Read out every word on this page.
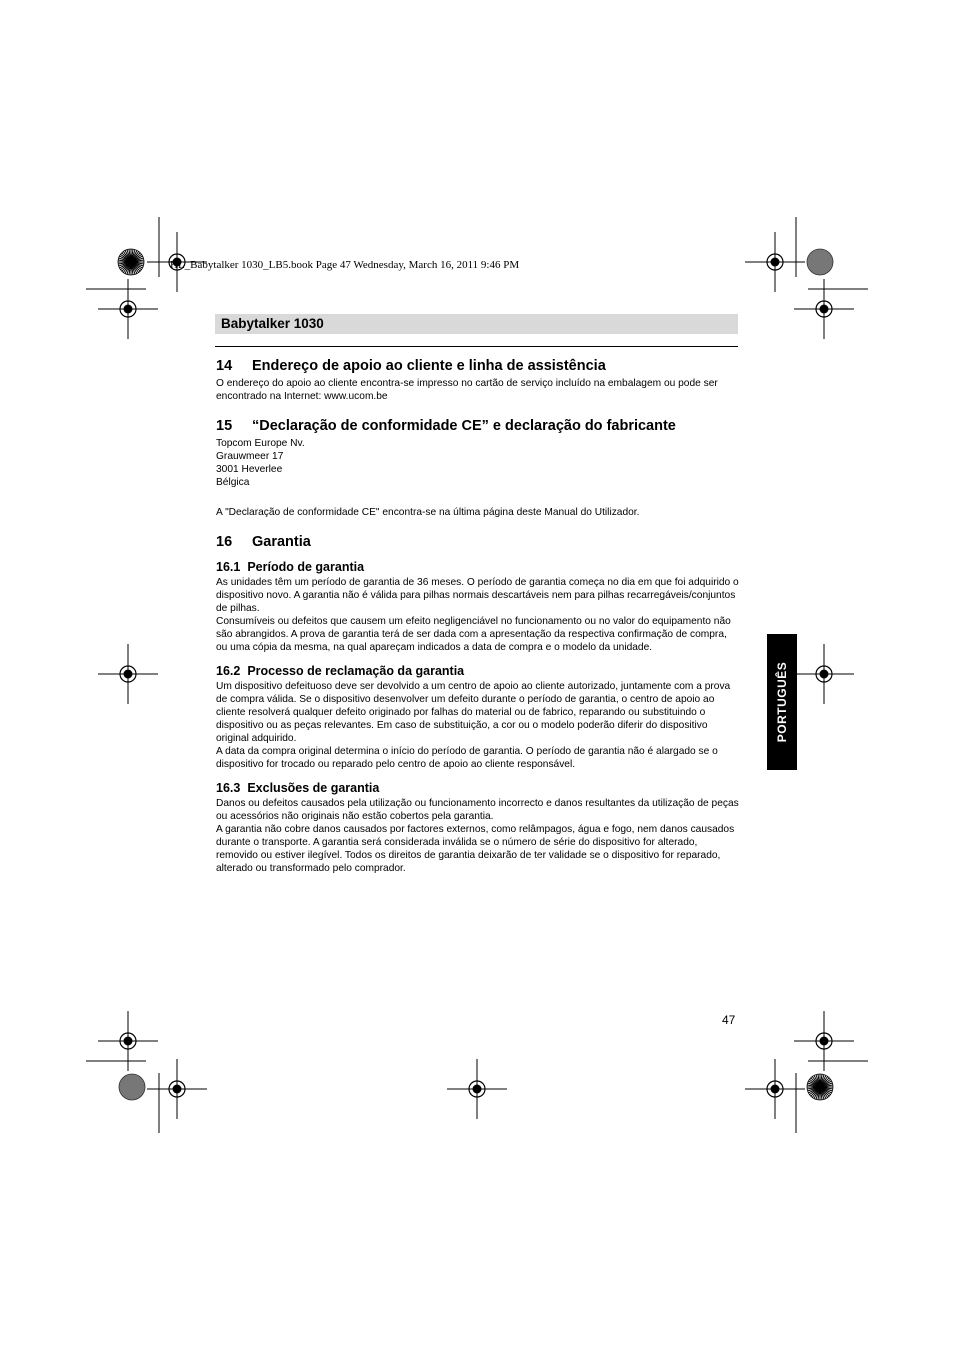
HL_Babytalker 1030_LB5.book Page 47 Wednesday, March 16, 2011 9:46 PM
Babytalker 1030
14 Endereço de apoio ao cliente e linha de assistência

O endereço do apoio ao cliente encontra-se impresso no cartão de serviço incluído na embalagem ou pode ser encontrado na Internet: www.ucom.be

15 “Declaração de conformidade CE” e declaração do fabricante

Topcom Europe Nv.
Grauwmeer 17
3001 Heverlee
Bélgica

A "Declaração de conformidade CE" encontra-se na última página deste Manual do Utilizador.

16 Garantia
16.1 Período de garantia

As unidades têm um período de garantia de 36 meses. O período de garantia começa no dia em que foi adquirido o dispositivo novo. A garantia não é válida para pilhas normais descartáveis nem para pilhas recarregáveis/conjuntos de pilhas.

Consumíveis ou defeitos que causem um efeito negligenciável no funcionamento ou no valor do equipamento não são abrangidos. A prova de garantia terá de ser dada com a apresentação da respectiva confirmação de compra, ou uma cópia da mesma, na qual apareçam indicados a data de compra e o modelo da unidade.

16.2 Processo de reclamação da garantia

Um dispositivo defeituoso deve ser devolvido a um centro de apoio ao cliente autorizado, juntamente com a prova de compra válida. Se o dispositivo desenvolver um defeito durante o período de garantia, o centro de apoio ao cliente resolverá qualquer defeito originado por falhas do material ou de fabrico, reparando ou substituindo o dispositivo ou as peças relevantes. Em caso de substituição, a cor ou o modelo poderão diferir do dispositivo original adquirido.

A data da compra original determina o início do período de garantia. O período de garantia não é alargado se o dispositivo for trocado ou reparado pelo centro de apoio ao cliente responsável.

16.3 Exclusões de garantia

Danos ou defeitos causados pela utilização ou funcionamento incorrecto e danos resultantes da utilização de peças ou acessórios não originais não estão cobertos pela garantia.

A garantia não cobre danos causados por factores externos, como relâmpagos, água e fogo, nem danos causados durante o transporte. A garantia será considerada inválida se o número de série do dispositivo for alterado, removido ou estiver ilegível. Todos os direitos de garantia deixarão de ter validade se o dispositivo for reparado, alterado ou transformado pelo comprador.

PORTUGUÊS
47
